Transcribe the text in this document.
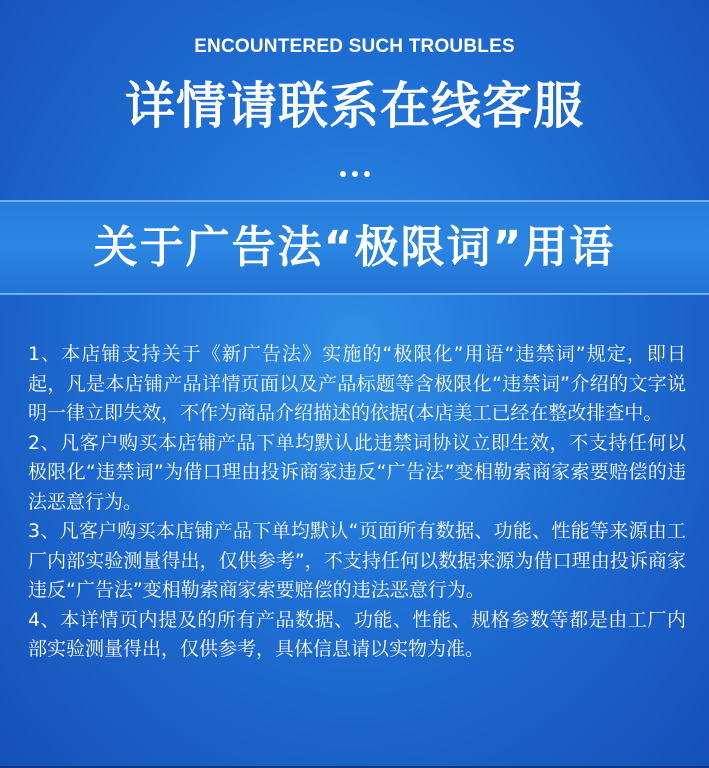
ENCOUNTERED SUCH TROUBLES
详情请联系在线客服
关于广告法“极限词”用语

1、本店铺支持关于《新广告法》实施的“极限化”用语“违禁词”规定，即日起，凡是本店铺产品详情页面以及产品标题等含极限化“违禁词”介绍的文字说明一律立即失效，不作为商品介绍描述的依据(本店美工已经在整改排查中。

2、凡客户购买本店铺产品下单均默认此违禁词协议立即生效，不支持任何以极限化“违禁词”为借口理由投诉商家违反“广告法”变相勒索商家索要赔偿的违法恶意行为。

3、凡客户购买本店铺产品下单均默认“页面所有数据、功能、性能等来源由工厂内部实验测量得出，仅供参考”，不支持任何以数据来源为借口理由投诉商家违反“广告法”变相勒索商家索要赔偿的违法恶意行为。

4、本详情页内提及的所有产品数据、功能、性能、规格参数等都是由工厂内部实验测量得出，仅供参考，具体信息请以实物为准。
